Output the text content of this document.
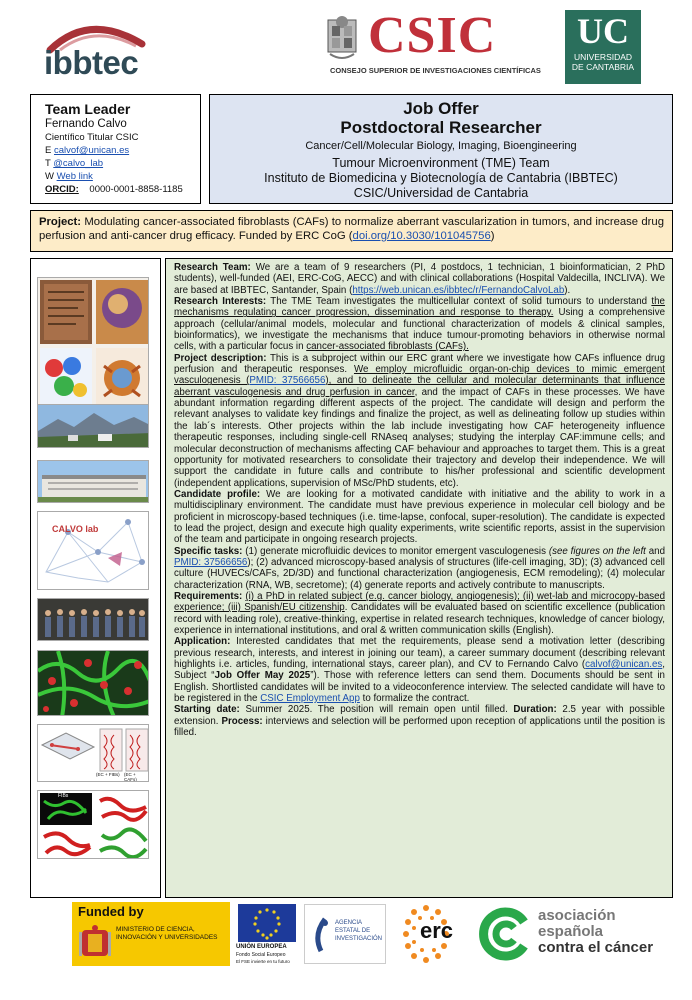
ibbtec	CSIC
CONSEJO SUPERIOR DE INVESTIGACIONES CIENTÍFICAS
UC
UNIVERSIDAD
DE CANTABRIA
Team Leader
Fernando Calvo
Científico Titular CSIC
E calvof@unican.es
T @calvo_lab
W Web link
ORCID: 0000-0001-8858-1185
Job Offer
Postdoctoral Researcher
Cancer/Cell/Molecular Biology, Imaging, Bioengineering
Tumour Microenvironment (TME) Team
Instituto de Biomedicina y Biotecnología de Cantabria (IBBTEC)
CSIC/Universidad de Cantabria
Project: Modulating cancer-associated fibroblasts (CAFs) to normalize aberrant vascularization in tumors, and increase drug perfusion and anti-cancer drug efficacy. Funded by ERC CoG (doi.org/10.3030/101045756)
CALVO lab
(EC + FIBs) (EC + CAFs)
FIBs
Research Team: We are a team of 9 researchers (PI, 4 postdocs, 1 technician, 1 bioinformatician, 2 PhD students), well-funded (AEI, ERC-CoG, AECC) and with clinical collaborations (Hospital Valdecilla, INCLIVA). We are based at IBBTEC, Santander, Spain (https://web.unican.es/ibbtec/r/FernandoCalvoLab).
Research Interests: The TME Team investigates the multicellular context of solid tumours to understand the mechanisms regulating cancer progression, dissemination and response to therapy. Using a comprehensive approach (cellular/animal models, molecular and functional characterization of models & clinical samples, bioinformatics), we investigate the mechanisms that induce tumour-promoting behaviors in otherwise normal cells, with a particular focus in cancer-associated fibroblasts (CAFs).
Project description: This is a subproject within our ERC grant where we investigate how CAFs influence drug perfusion and therapeutic responses. We employ microfluidic organ-on-chip devices to mimic emergent vasculogenesis (PMID: 37566656), and to delineate the cellular and molecular determinants that influence aberrant vasculogenesis and drug perfusion in cancer, and the impact of CAFs in these processes. We have abundant information regarding different aspects of the project. The candidate will design and perform the relevant analyses to validate key findings and finalize the project, as well as delineating follow up studies within the lab´s interests. Other projects within the lab include investigating how CAF heterogeneity influence therapeutic responses, including single-cell RNAseq analyses; studying the interplay CAF:immune cells; and molecular deconstruction of mechanisms affecting CAF behaviour and approaches to target them. This is a great opportunity for motivated researchers to consolidate their trajectory and develop their independence. We will support the candidate in future calls and contribute to his/her professional and scientific development (independent applications, supervision of MSc/PhD students, etc).
Candidate profile: We are looking for a motivated candidate with initiative and the ability to work in a multidisciplinary environment. The candidate must have previous experience in molecular cell biology and be proficient in microscopy-based techniques (i.e. time-lapse, confocal, super-resolution). The candidate is expected to lead the project, design and execute high quality experiments, write scientific reports, assist in the supervision of the team and participate in ongoing research projects.
Specific tasks: (1) generate microfluidic devices to monitor emergent vasculogenesis (see figures on the left and PMID: 37566656); (2) advanced microscopy-based analysis of structures (life-cell imaging, 3D); (3) advanced cell culture (HUVECs/CAFs, 2D/3D) and functional characterization (angiogenesis, ECM remodeling); (4) molecular characterization (RNA, WB, secretome); (4) generate reports and actively contribute to manuscripts.
Requirements: (i) a PhD in related subject (e.g. cancer biology, angiogenesis); (ii) wet-lab and microcopy-based experience; (iii) Spanish/EU citizenship. Candidates will be evaluated based on scientific excellence (publication record with leading role), creative-thinking, expertise in related research techniques, knowledge of cancer biology, experience in international institutions, and oral & written communication skills (English).
Application: Interested candidates that met the requirements, please send a motivation letter (describing previous research, interests, and interest in joining our team), a career summary document (describing relevant highlights i.e. articles, funding, international stays, career plan), and CV to Fernando Calvo (calvof@unican.es, Subject “Job Offer May 2025”). Those with reference letters can send them. Documents should be sent in English. Shortlisted candidates will be invited to a videoconference interview. The selected candidate will have to be registered in the CSIC Employment App to formalize the contract.
Starting date: Summer 2025. The position will remain open until filled. Duration: 2.5 year with possible extension. Process: interviews and selection will be performed upon reception of applications until the position is filled.
Funded by
MINISTERIO DE CIENCIA, INNOVACIÓN Y UNIVERSIDADES
UNIÓN EUROPEA
Fondo Social Europeo
El FSE invierte en tu futuro
AGENCIA ESTATAL DE INVESTIGACIÓN erc
asociación
española
contra el cáncer
